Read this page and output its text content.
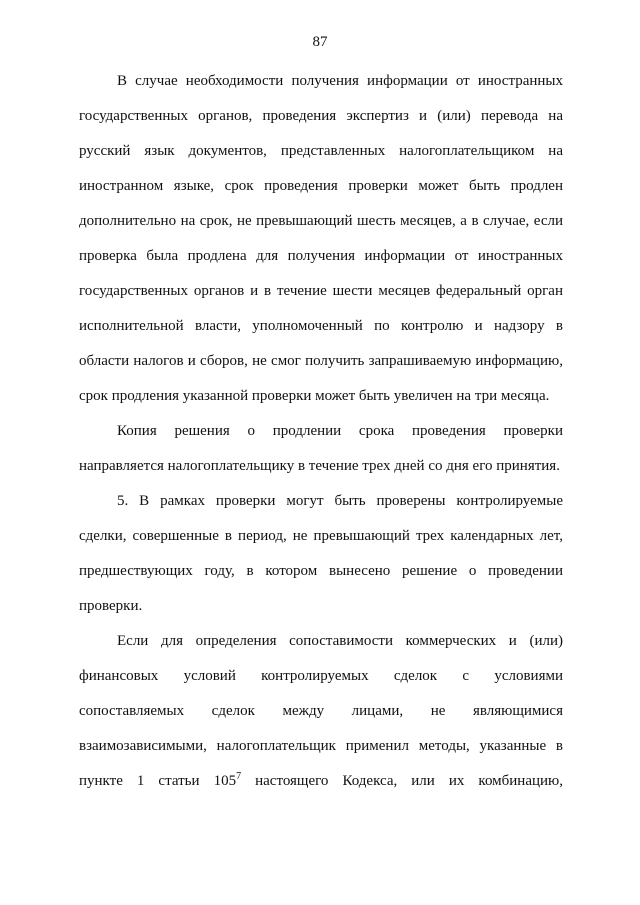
87
В случае необходимости получения информации от иностранных
государственных органов, проведения экспертиз и (или) перевода на
русский язык документов, представленных налогоплательщиком на
иностранном языке, срок проведения проверки может быть продлен
дополнительно на срок, не превышающий шесть месяцев, а в случае, если
проверка была продлена для получения информации от иностранных
государственных органов и в течение шести месяцев федеральный орган
исполнительной власти, уполномоченный по контролю и надзору в
области налогов и сборов, не смог получить запрашиваемую информацию,
срок продления указанной проверки может быть увеличен на три месяца.
Копия решения о продлении срока проведения проверки
направляется налогоплательщику в течение трех дней со дня его принятия.
5. В рамках проверки могут быть проверены контролируемые
сделки, совершенные в период, не превышающий трех календарных лет,
предшествующих году, в котором вынесено решение о проведении
проверки.
Если для определения сопоставимости коммерческих и (или)
финансовых условий контролируемых сделок с условиями
сопоставляемых сделок между лицами, не являющимися
взаимозависимыми, налогоплательщик применил методы, указанные в
пункте 1 статьи $105^7$ настоящего Кодекса, или их комбинацию,
